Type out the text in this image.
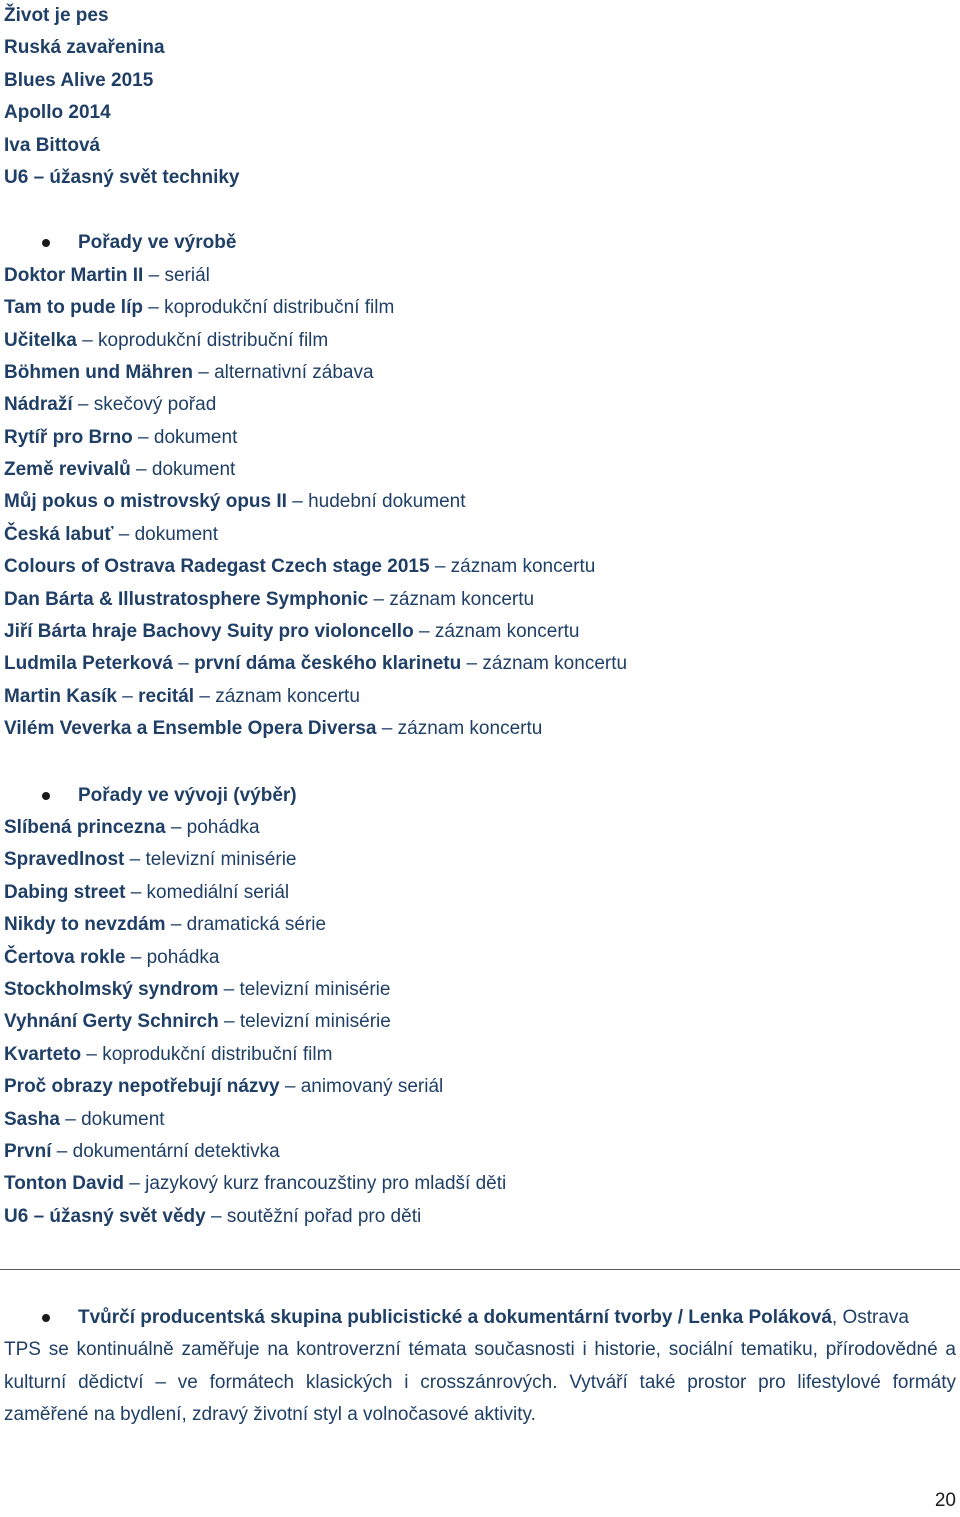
Život je pes
Ruská zavařenina
Blues Alive 2015
Apollo 2014
Iva Bittová
U6 – úžasný svět techniky
Pořady ve výrobě
Doktor Martin II – seriál
Tam to pude líp – koprodukční distribuční film
Učitelka – koprodukční distribuční film
Böhmen und Mähren – alternativní zábava
Nádraží – skečový pořad
Rytíř pro Brno – dokument
Země revivalů – dokument
Můj pokus o mistrovský opus II – hudební dokument
Česká labuť – dokument
Colours of Ostrava Radegast Czech stage 2015 – záznam koncertu
Dan Bárta & Illustratosphere Symphonic – záznam koncertu
Jiří Bárta hraje Bachovy Suity pro violoncello – záznam koncertu
Ludmila Peterková – první dáma českého klarinetu – záznam koncertu
Martin Kasík – recitál – záznam koncertu
Vilém Veverka a Ensemble Opera Diversa – záznam koncertu
Pořady ve vývoji (výběr)
Slíbená princezna – pohádka
Spravedlnost – televizní minisérie
Dabing street – komediální seriál
Nikdy to nevzdám – dramatická série
Čertova rokle – pohádka
Stockholmský syndrom – televizní minisérie
Vyhnání Gerty Schnirch – televizní minisérie
Kvarteto – koprodukční distribuční film
Proč obrazy nepotřebují názvy – animovaný seriál
Sasha – dokument
První – dokumentární detektivka
Tonton David – jazykový kurz francouzštiny pro mladší děti
U6 – úžasný svět vědy – soutěžní pořad pro děti
Tvůrčí producentská skupina publicistické a dokumentární tvorby / Lenka Poláková, Ostrava
TPS se kontinuálně zaměřuje na kontroverzní témata současnosti i historie, sociální tematiku, přírodovědné a kulturní dědictví – ve formátech klasických i crosszánrových. Vytváří také prostor pro lifestylové formáty zaměřené na bydlení, zdravý životní styl a volnočasové aktivity.
20
